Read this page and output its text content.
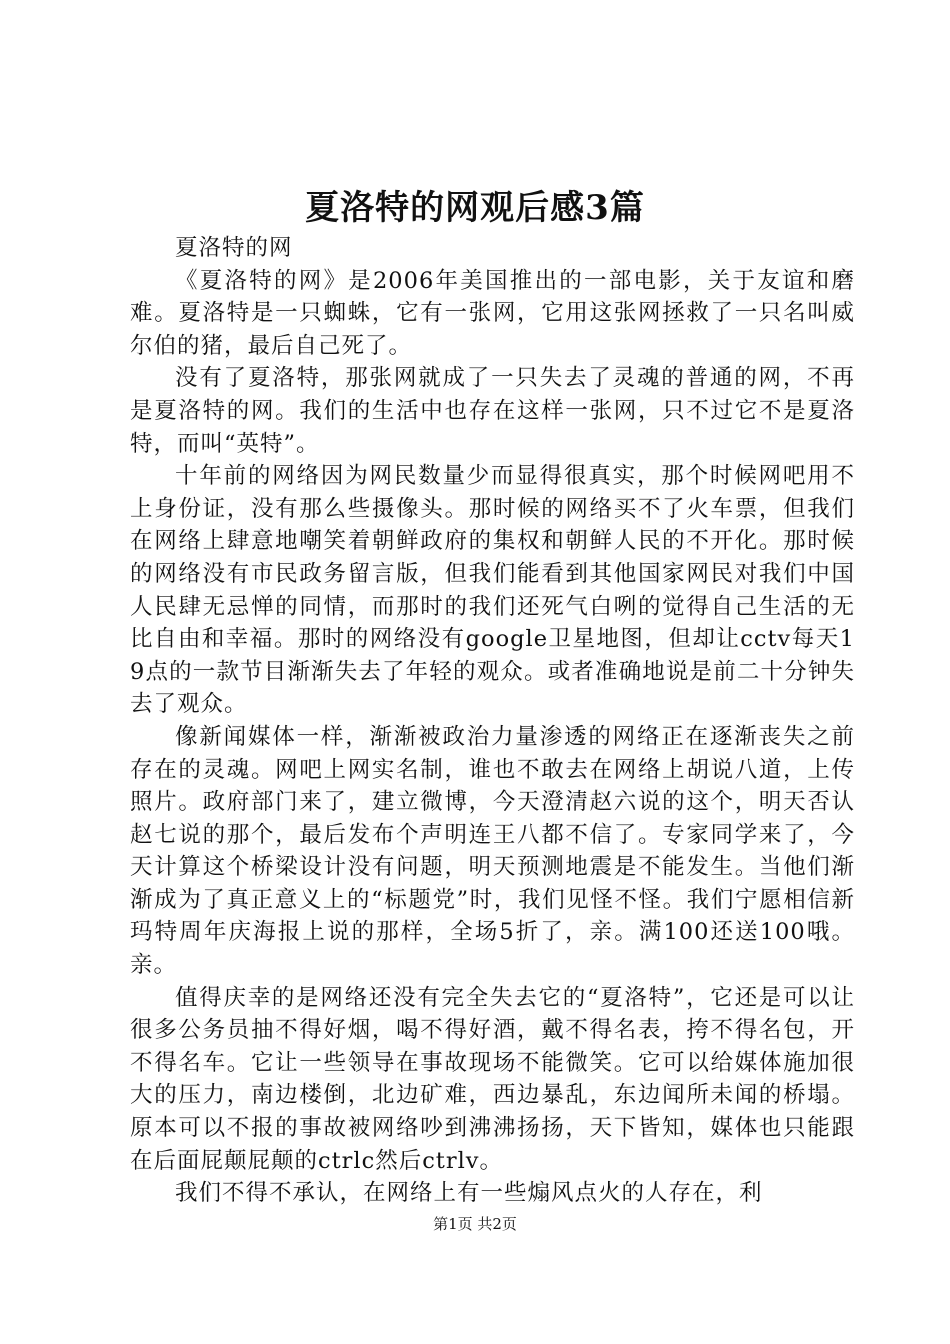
夏洛特的网观后感3篇

夏洛特的网

《夏洛特的网》是2006年美国推出的一部电影，关于友谊和磨难。夏洛特是一只蜘蛛，它有一张网，它用这张网拯救了一只名叫威尔伯的猪，最后自己死了。

没有了夏洛特，那张网就成了一只失去了灵魂的普通的网，不再是夏洛特的网。我们的生活中也存在这样一张网，只不过它不是夏洛特，而叫“英特”。

十年前的网络因为网民数量少而显得很真实，那个时候网吧用不上身份证，没有那么些摄像头。那时候的网络买不了火车票，但我们在网络上肆意地嘲笑着朝鲜政府的集权和朝鲜人民的不开化。那时候的网络没有市民政务留言版，但我们能看到其他国家网民对我们中国人民肆无忌惮的同情，而那时的我们还死气白咧的觉得自己生活的无比自由和幸福。那时的网络没有google卫星地图，但却让cctv每天19点的一款节目渐渐失去了年轻的观众。或者准确地说是前二十分钟失去了观众。

像新闻媒体一样，渐渐被政治力量渗透的网络正在逐渐丧失之前存在的灵魂。网吧上网实名制，谁也不敢去在网络上胡说八道，上传照片。政府部门来了，建立微博，今天澄清赵六说的这个，明天否认赵七说的那个，最后发布个声明连王八都不信了。专家同学来了，今天计算这个桥梁设计没有问题，明天预测地震是不能发生。当他们渐渐成为了真正意义上的“标题党”时，我们见怪不怪。我们宁愿相信新玛特周年庆海报上说的那样，全场5折了，亲。满100还送100哦。亲。

值得庆幸的是网络还没有完全失去它的“夏洛特”，它还是可以让很多公务员抽不得好烟，喝不得好酒，戴不得名表，挎不得名包，开不得名车。它让一些领导在事故现场不能微笑。它可以给媒体施加很大的压力，南边楼倒，北边矿难，西边暴乱，东边闻所未闻的桥塌。原本可以不报的事故被网络吵到沸沸扬扬，天下皆知，媒体也只能跟在后面屁颠屁颠的ctrlc然后ctrlv。

我们不得不承认，在网络上有一些煽风点火的人存在，利

第1页 共2页
